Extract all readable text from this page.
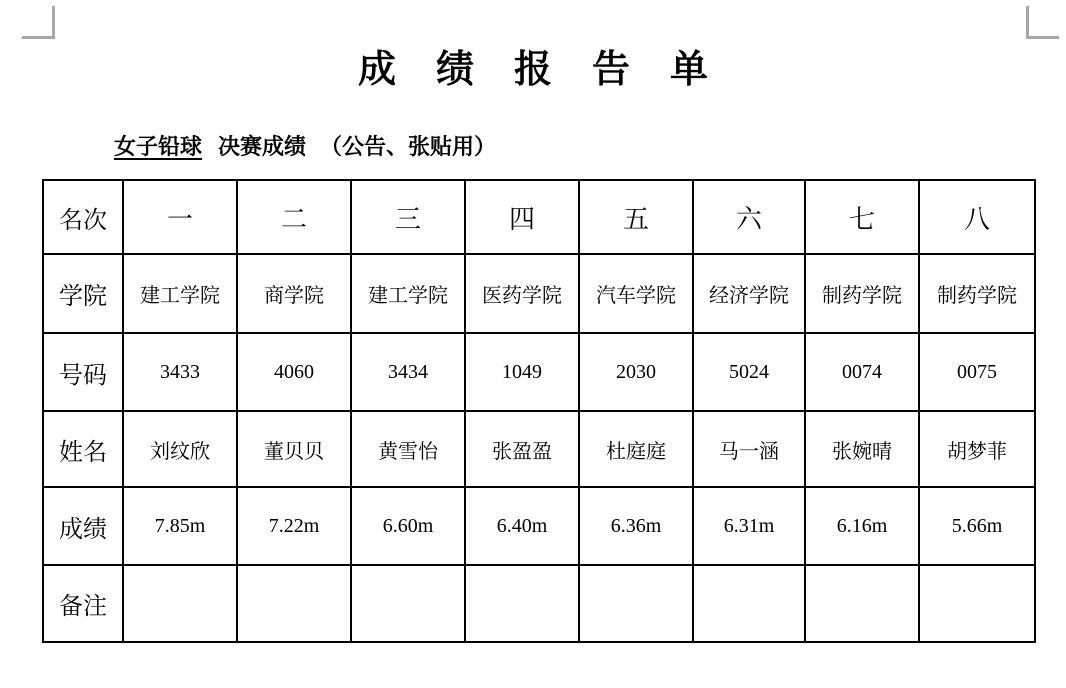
成绩报告单
女子铅球 决赛成绩 （公告、张贴用）
名次	一	二	三	四	五	六	七	八
学院	建工学院	商学院	建工学院	医药学院	汽车学院	经济学院	制药学院	制药学院
号码	3433	4060	3434	1049	2030	5024	0074	0075
姓名	刘纹欣	董贝贝	黄雪怡	张盈盈	杜庭庭	马一涵	张婉晴	胡梦菲
成绩	7.85m	7.22m	6.60m	6.40m	6.36m	6.31m	6.16m	5.66m
备注								
